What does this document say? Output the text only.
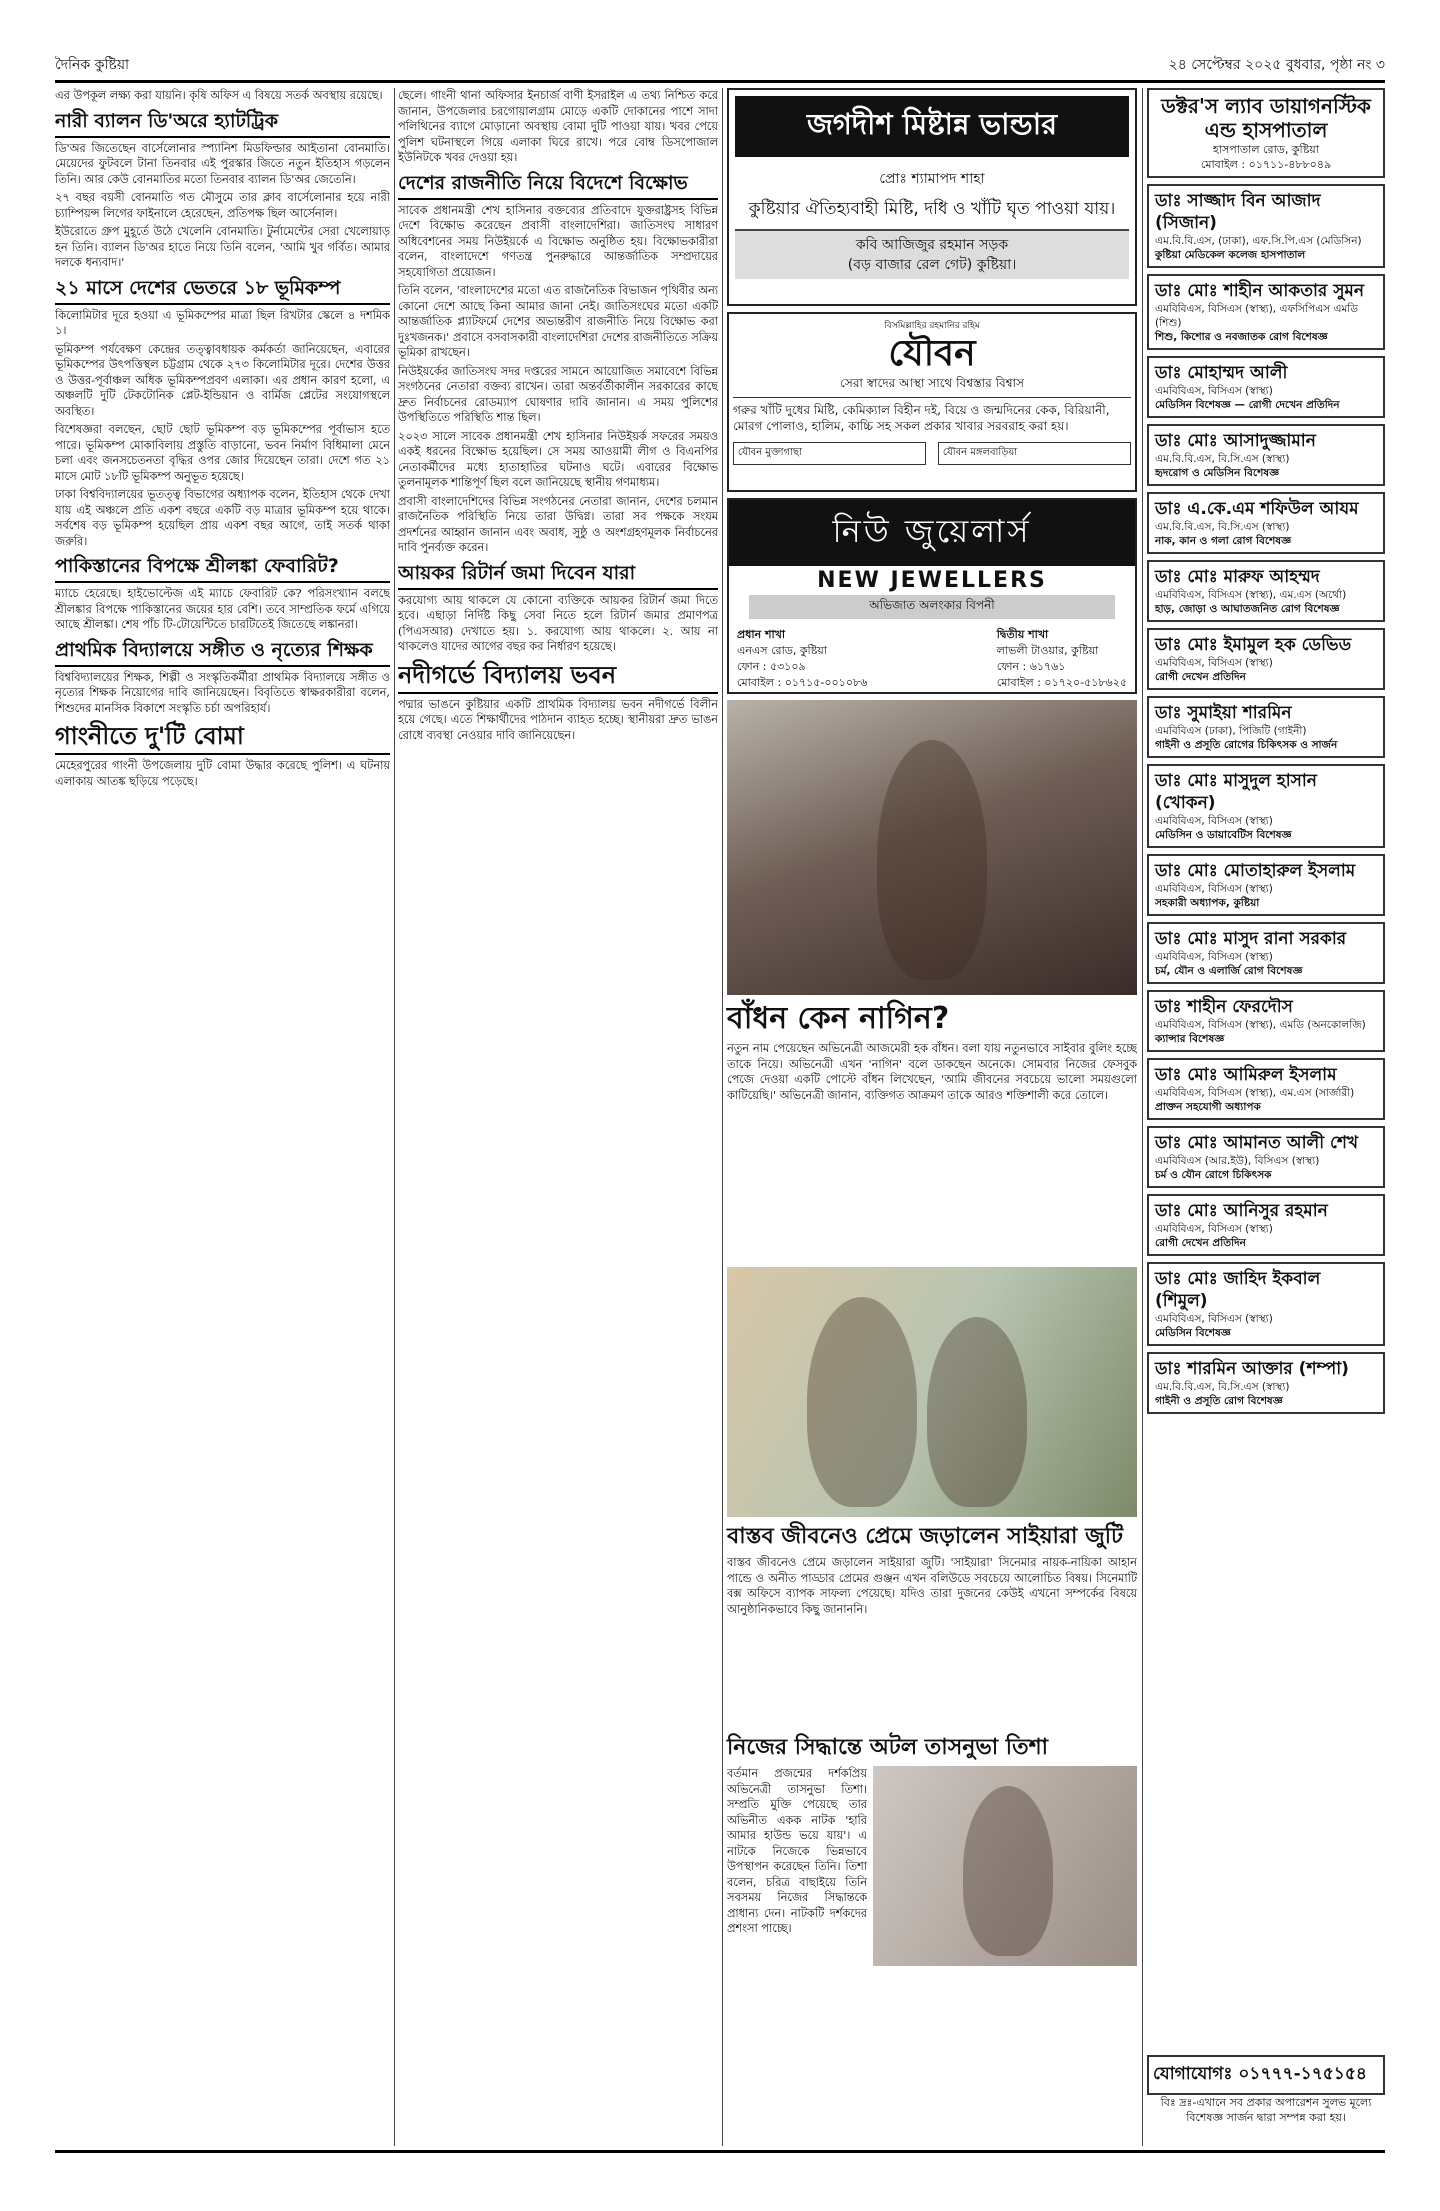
দৈনিক কুষ্টিয়া	২৪ সেপ্টেম্বর ২০২৫ বুধবার, পৃষ্ঠা নং ৩

এর উপকূল লক্ষ্য করা যায়নি। কৃষি অফিস এ বিষয়ে সতর্ক অবস্থায় রয়েছে।

নারী ব্যালন ডি'অরে হ্যাটট্রিক

ডি'অর জিতেছেন বার্সেলোনার স্প্যানিশ মিডফিল্ডার আইতানা বোনমাতি। মেয়েদের ফুটবলে টানা তিনবার এই পুরস্কার জিতে নতুন ইতিহাস গড়লেন তিনি। আর কেউ বোনমাতির মতো তিনবার ব্যালন ডি'অর জেতেনি।

২৭ বছর বয়সী বোনমাতি গত মৌসুমে তার ক্লাব বার্সেলোনার হয়ে নারী চ্যাম্পিয়ন্স লিগের ফাইনালে হেরেছেন, প্রতিপক্ষ ছিল আর্সেনাল।

ইউরোতে গ্রুপ মুহূর্তে উঠে খেলেনি বোনমাতি। টুর্নামেন্টের সেরা খেলোয়াড় হন তিনি। ব্যালন ডি'অর হাতে নিয়ে তিনি বলেন, 'আমি খুব গর্বিত। আমার দলকে ধন্যবাদ।'

২১ মাসে দেশের ভেতরে ১৮ ভূমিকম্প

কিলোমিটার দূরে হওয়া এ ভূমিকম্পের মাত্রা ছিল রিখটার স্কেলে ৪ দশমিক ১।

ভূমিকম্প পর্যবেক্ষণ কেন্দ্রের তত্ত্বাবধায়ক কর্মকর্তা জানিয়েছেন, এবারের ভূমিকম্পের উৎপত্তিস্থল চট্টগ্রাম থেকে ২৭৩ কিলোমিটার দূরে। দেশের উত্তর ও উত্তর-পূর্বাঞ্চল অধিক ভূমিকম্পপ্রবণ এলাকা। এর প্রধান কারণ হলো, এ অঞ্চলটি দুটি টেকটোনিক প্লেট-ইন্ডিয়ান ও বার্মিজ প্লেটের সংযোগস্থলে অবস্থিত।

বিশেষজ্ঞরা বলছেন, ছোট ছোট ভূমিকম্প বড় ভূমিকম্পের পূর্বাভাস হতে পারে। ভূমিকম্প মোকাবিলায় প্রস্তুতি বাড়ানো, ভবন নির্মাণ বিধিমালা মেনে চলা এবং জনসচেতনতা বৃদ্ধির ওপর জোর দিয়েছেন তারা। দেশে গত ২১ মাসে মোট ১৮টি ভূমিকম্প অনুভূত হয়েছে।

ঢাকা বিশ্ববিদ্যালয়ের ভূতত্ত্ব বিভাগের অধ্যাপক বলেন, ইতিহাস থেকে দেখা যায় এই অঞ্চলে প্রতি একশ বছরে একটি বড় মাত্রার ভূমিকম্প হয়ে থাকে। সর্বশেষ বড় ভূমিকম্প হয়েছিল প্রায় একশ বছর আগে, তাই সতর্ক থাকা জরুরি।

পাকিস্তানের বিপক্ষে শ্রীলঙ্কা ফেবারিট?

ম্যাচে হেরেছে। হাইভোল্টেজ এই ম্যাচে ফেবারিট কে? পরিসংখ্যান বলছে শ্রীলঙ্কার বিপক্ষে পাকিস্তানের জয়ের হার বেশি। তবে সাম্প্রতিক ফর্মে এগিয়ে আছে শ্রীলঙ্কা। শেষ পাঁচ টি-টোয়েন্টিতে চারটিতেই জিতেছে লঙ্কানরা।

প্রাথমিক বিদ্যালয়ে সঙ্গীত ও নৃত্যের শিক্ষক

বিশ্ববিদ্যালয়ের শিক্ষক, শিল্পী ও সংস্কৃতিকর্মীরা প্রাথমিক বিদ্যালয়ে সঙ্গীত ও নৃত্যের শিক্ষক নিয়োগের দাবি জানিয়েছেন। বিবৃতিতে স্বাক্ষরকারীরা বলেন, শিশুদের মানসিক বিকাশে সংস্কৃতি চর্চা অপরিহার্য।

গাংনীতে দু'টি বোমা

মেহেরপুরের গাংনী উপজেলায় দুটি বোমা উদ্ধার করেছে পুলিশ। এ ঘটনায় এলাকায় আতঙ্ক ছড়িয়ে পড়েছে।

ছেলে। গাংনী থানা অফিসার ইনচার্জ বাণী ইসরাইল এ তথ্য নিশ্চিত করে জানান, উপজেলার চরগোয়ালগ্রাম মোড়ে একটি দোকানের পাশে সাদা পলিথিনের ব্যাগে মোড়ানো অবস্থায় বোমা দুটি পাওয়া যায়। খবর পেয়ে পুলিশ ঘটনাস্থলে গিয়ে এলাকা ঘিরে রাখে। পরে বোম্ব ডিসপোজাল ইউনিটকে খবর দেওয়া হয়।

দেশের রাজনীতি নিয়ে বিদেশে বিক্ষোভ

সাবেক প্রধানমন্ত্রী শেখ হাসিনার বক্তব্যের প্রতিবাদে যুক্তরাষ্ট্রসহ বিভিন্ন দেশে বিক্ষোভ করেছেন প্রবাসী বাংলাদেশিরা। জাতিসংঘ সাধারণ অধিবেশনের সময় নিউইয়র্কে এ বিক্ষোভ অনুষ্ঠিত হয়। বিক্ষোভকারীরা বলেন, বাংলাদেশে গণতন্ত্র পুনরুদ্ধারে আন্তর্জাতিক সম্প্রদায়ের সহযোগিতা প্রয়োজন।

তিনি বলেন, 'বাংলাদেশের মতো এত রাজনৈতিক বিভাজন পৃথিবীর অন্য কোনো দেশে আছে কিনা আমার জানা নেই। জাতিসংঘের মতো একটি আন্তর্জাতিক প্ল্যাটফর্মে দেশের অভ্যন্তরীণ রাজনীতি নিয়ে বিক্ষোভ করা দুঃখজনক।' প্রবাসে বসবাসকারী বাংলাদেশিরা দেশের রাজনীতিতে সক্রিয় ভূমিকা রাখছেন।

নিউইয়র্কের জাতিসংঘ সদর দপ্তরের সামনে আয়োজিত সমাবেশে বিভিন্ন সংগঠনের নেতারা বক্তব্য রাখেন। তারা অন্তর্বর্তীকালীন সরকারের কাছে দ্রুত নির্বাচনের রোডম্যাপ ঘোষণার দাবি জানান। এ সময় পুলিশের উপস্থিতিতে পরিস্থিতি শান্ত ছিল।

২০২৩ সালে সাবেক প্রধানমন্ত্রী শেখ হাসিনার নিউইয়র্ক সফরের সময়ও একই ধরনের বিক্ষোভ হয়েছিল। সে সময় আওয়ামী লীগ ও বিএনপির নেতাকর্মীদের মধ্যে হাতাহাতির ঘটনাও ঘটে। এবারের বিক্ষোভ তুলনামূলক শান্তিপূর্ণ ছিল বলে জানিয়েছে স্থানীয় গণমাধ্যম।

প্রবাসী বাংলাদেশিদের বিভিন্ন সংগঠনের নেতারা জানান, দেশের চলমান রাজনৈতিক পরিস্থিতি নিয়ে তারা উদ্বিগ্ন। তারা সব পক্ষকে সংযম প্রদর্শনের আহ্বান জানান এবং অবাধ, সুষ্ঠু ও অংশগ্রহণমূলক নির্বাচনের দাবি পুনর্ব্যক্ত করেন।

আয়কর রিটার্ন জমা দিবেন যারা

করযোগ্য আয় থাকলে যে কোনো ব্যক্তিকে আয়কর রিটার্ন জমা দিতে হবে। এছাড়া নির্দিষ্ট কিছু সেবা নিতে হলে রিটার্ন জমার প্রমাণপত্র (পিএসআর) দেখাতে হয়। ১. করযোগ্য আয় থাকলে। ২. আয় না থাকলেও যাদের আগের বছর কর নির্ধারণ হয়েছে।

নদীগর্ভে বিদ্যালয় ভবন

পদ্মার ভাঙনে কুষ্টিয়ার একটি প্রাথমিক বিদ্যালয় ভবন নদীগর্ভে বিলীন হয়ে গেছে। এতে শিক্ষার্থীদের পাঠদান ব্যাহত হচ্ছে। স্থানীয়রা দ্রুত ভাঙন রোধে ব্যবস্থা নেওয়ার দাবি জানিয়েছেন।

জগদীশ মিষ্টান্ন ভান্ডার
প্রোঃ শ্যামাপদ শাহা
কুষ্টিয়ার ঐতিহ্যবাহী মিষ্টি, দধি ও খাঁটি ঘৃত পাওয়া যায়।
কবি আজিজুর রহমান সড়ক
(বড় বাজার রেল গেট) কুষ্টিয়া।
বিসমিল্লাহির রহমানির রহিম
যৌবন
সেরা স্বাদের আস্থা সাথে বিশ্বস্তার বিশ্বাস
গরুর খাঁটি দুধের মিষ্টি, কেমিক্যাল বিহীন দই, বিয়ে ও জন্মদিনের কেক, বিরিয়ানী, মোরগ পোলাও, হালিম, কাচ্চি সহ সকল প্রকার খাবার সরবরাহ করা হয়।
যৌবন মুক্তাগাছা	যৌবন মঙ্গলবাড়িয়া
নিউ জুয়েলার্স
NEW JEWELLERS
অভিজাত অলংকার বিপনী
প্রধান শাখা
এনএস রোড, কুষ্টিয়া
ফোন : ৫৩১০৯
মোবাইল : ০১৭১৫-০০১০৮৬
দ্বিতীয় শাখা
লাভলী টাওয়ার, কুষ্টিয়া
ফোন : ৬১৭৬১
মোবাইল : ০১৭২০-৫১৮৬২৫
বাঁধন কেন নাগিন?

নতুন নাম পেয়েছেন অভিনেত্রী আজমেরী হক বাঁধন। বলা যায় নতুনভাবে সাইবার বুলিং হচ্ছে তাকে নিয়ে। অভিনেত্রী এখন 'নাগিন' বলে ডাকছেন অনেকে। সোমবার নিজের ফেসবুক পেজে দেওয়া একটি পোস্টে বাঁধন লিখেছেন, 'আমি জীবনের সবচেয়ে ভালো সময়গুলো কাটিয়েছি।' অভিনেত্রী জানান, ব্যক্তিগত আক্রমণ তাকে আরও শক্তিশালী করে তোলে।

বাস্তব জীবনেও প্রেমে জড়ালেন সাইয়ারা জুটি

বাস্তব জীবনেও প্রেমে জড়ালেন সাইয়ারা জুটি। 'সাইয়ারা' সিনেমার নায়ক-নায়িকা আহান পান্ডে ও অনীত পাড্ডার প্রেমের গুঞ্জন এখন বলিউডে সবচেয়ে আলোচিত বিষয়। সিনেমাটি বক্স অফিসে ব্যাপক সাফল্য পেয়েছে। যদিও তারা দুজনের কেউই এখনো সম্পর্কের বিষয়ে আনুষ্ঠানিকভাবে কিছু জানাননি।

নিজের সিদ্ধান্তে অটল তাসনুভা তিশা

বর্তমান প্রজন্মের দর্শকপ্রিয় অভিনেত্রী তাসনুভা তিশা। সম্প্রতি মুক্তি পেয়েছে তার অভিনীত একক নাটক 'হারি আমার হাউন্ড ভয়ে যায়'। এ নাটকে নিজেকে ভিন্নভাবে উপস্থাপন করেছেন তিনি। তিশা বলেন, চরিত্র বাছাইয়ে তিনি সবসময় নিজের সিদ্ধান্তকে প্রাধান্য দেন। নাটকটি দর্শকদের প্রশংসা পাচ্ছে।

ডক্টর'স ল্যাব ডায়াগনস্টিক এন্ড হাসপাতাল
হাসপাতাল রোড, কুষ্টিয়া
মোবাইল : ০১৭১১-৪৮৮০৪৯
ডাঃ সাজ্জাদ বিন আজাদ (সিজান)
এম.বি.বি.এস, (ঢাকা), এফ.সি.পি.এস (মেডিসিন)
কুষ্টিয়া মেডিকেল কলেজ হাসপাতাল
ডাঃ মোঃ শাহীন আকতার সুমন
এমবিবিএস, বিসিএস (স্বাস্থ্য), এফসিপিএস এমডি (শিশু)
শিশু, কিশোর ও নবজাতক রোগ বিশেষজ্ঞ
ডাঃ মোহাম্মদ আলী
এমবিবিএস, বিসিএস (স্বাস্থ্য)
মেডিসিন বিশেষজ্ঞ — রোগী দেখেন প্রতিদিন
ডাঃ মোঃ আসাদুজ্জামান
এম.বি.বি.এস, বি.সি.এস (স্বাস্থ্য)
হৃদরোগ ও মেডিসিন বিশেষজ্ঞ
ডাঃ এ.কে.এম শফিউল আযম
এম.বি.বি.এস, বি.সি.এস (স্বাস্থ্য)
নাক, কান ও গলা রোগ বিশেষজ্ঞ
ডাঃ মোঃ মারুফ আহম্মদ
এমবিবিএস, বিসিএস (স্বাস্থ্য), এম.এস (অর্থো)
হাড়, জোড়া ও আঘাতজনিত রোগ বিশেষজ্ঞ
ডাঃ মোঃ ইমামুল হক ডেভিড
এমবিবিএস, বিসিএস (স্বাস্থ্য)
রোগী দেখেন প্রতিদিন
ডাঃ সুমাইয়া শারমিন
এমবিবিএস (ঢাকা), পিজিটি (গাইনী)
গাইনী ও প্রসূতি রোগের চিকিৎসক ও সার্জন
ডাঃ মোঃ মাসুদুল হাসান (খোকন)
এমবিবিএস, বিসিএস (স্বাস্থ্য)
মেডিসিন ও ডায়াবেটিস বিশেষজ্ঞ
ডাঃ মোঃ মোতাহারুল ইসলাম
এমবিবিএস, বিসিএস (স্বাস্থ্য)
সহকারী অধ্যাপক, কুষ্টিয়া
ডাঃ মোঃ মাসুদ রানা সরকার
এমবিবিএস, বিসিএস (স্বাস্থ্য)
চর্ম, যৌন ও এলার্জি রোগ বিশেষজ্ঞ
ডাঃ শাহীন ফেরদৌস
এমবিবিএস, বিসিএস (স্বাস্থ্য), এমডি (অনকোলজি)
ক্যান্সার বিশেষজ্ঞ
ডাঃ মোঃ আমিরুল ইসলাম
এমবিবিএস, বিসিএস (স্বাস্থ্য), এম.এস (সার্জারী)
প্রাক্তন সহযোগী অধ্যাপক
ডাঃ মোঃ আমানত আলী শেখ
এমবিবিএস (আর.ইউ), বিসিএস (স্বাস্থ্য)
চর্ম ও যৌন রোগে চিকিৎসক
ডাঃ মোঃ আনিসুর রহমান
এমবিবিএস, বিসিএস (স্বাস্থ্য)
রোগী দেখেন প্রতিদিন
ডাঃ মোঃ জাহিদ ইকবাল (শিমুল)
এমবিবিএস, বিসিএস (স্বাস্থ্য)
মেডিসিন বিশেষজ্ঞ
ডাঃ শারমিন আক্তার (শম্পা)
এম.বি.বি.এস, বি.সি.এস (স্বাস্থ্য)
গাইনী ও প্রসূতি রোগ বিশেষজ্ঞ
যোগাযোগঃ ০১৭৭৭-১৭৫১৫৪
বিঃ দ্রঃ-এখানে সব প্রকার অপারেশন সুলভ মূল্যে বিশেষজ্ঞ সার্জন দ্বারা সম্পন্ন করা হয়।
